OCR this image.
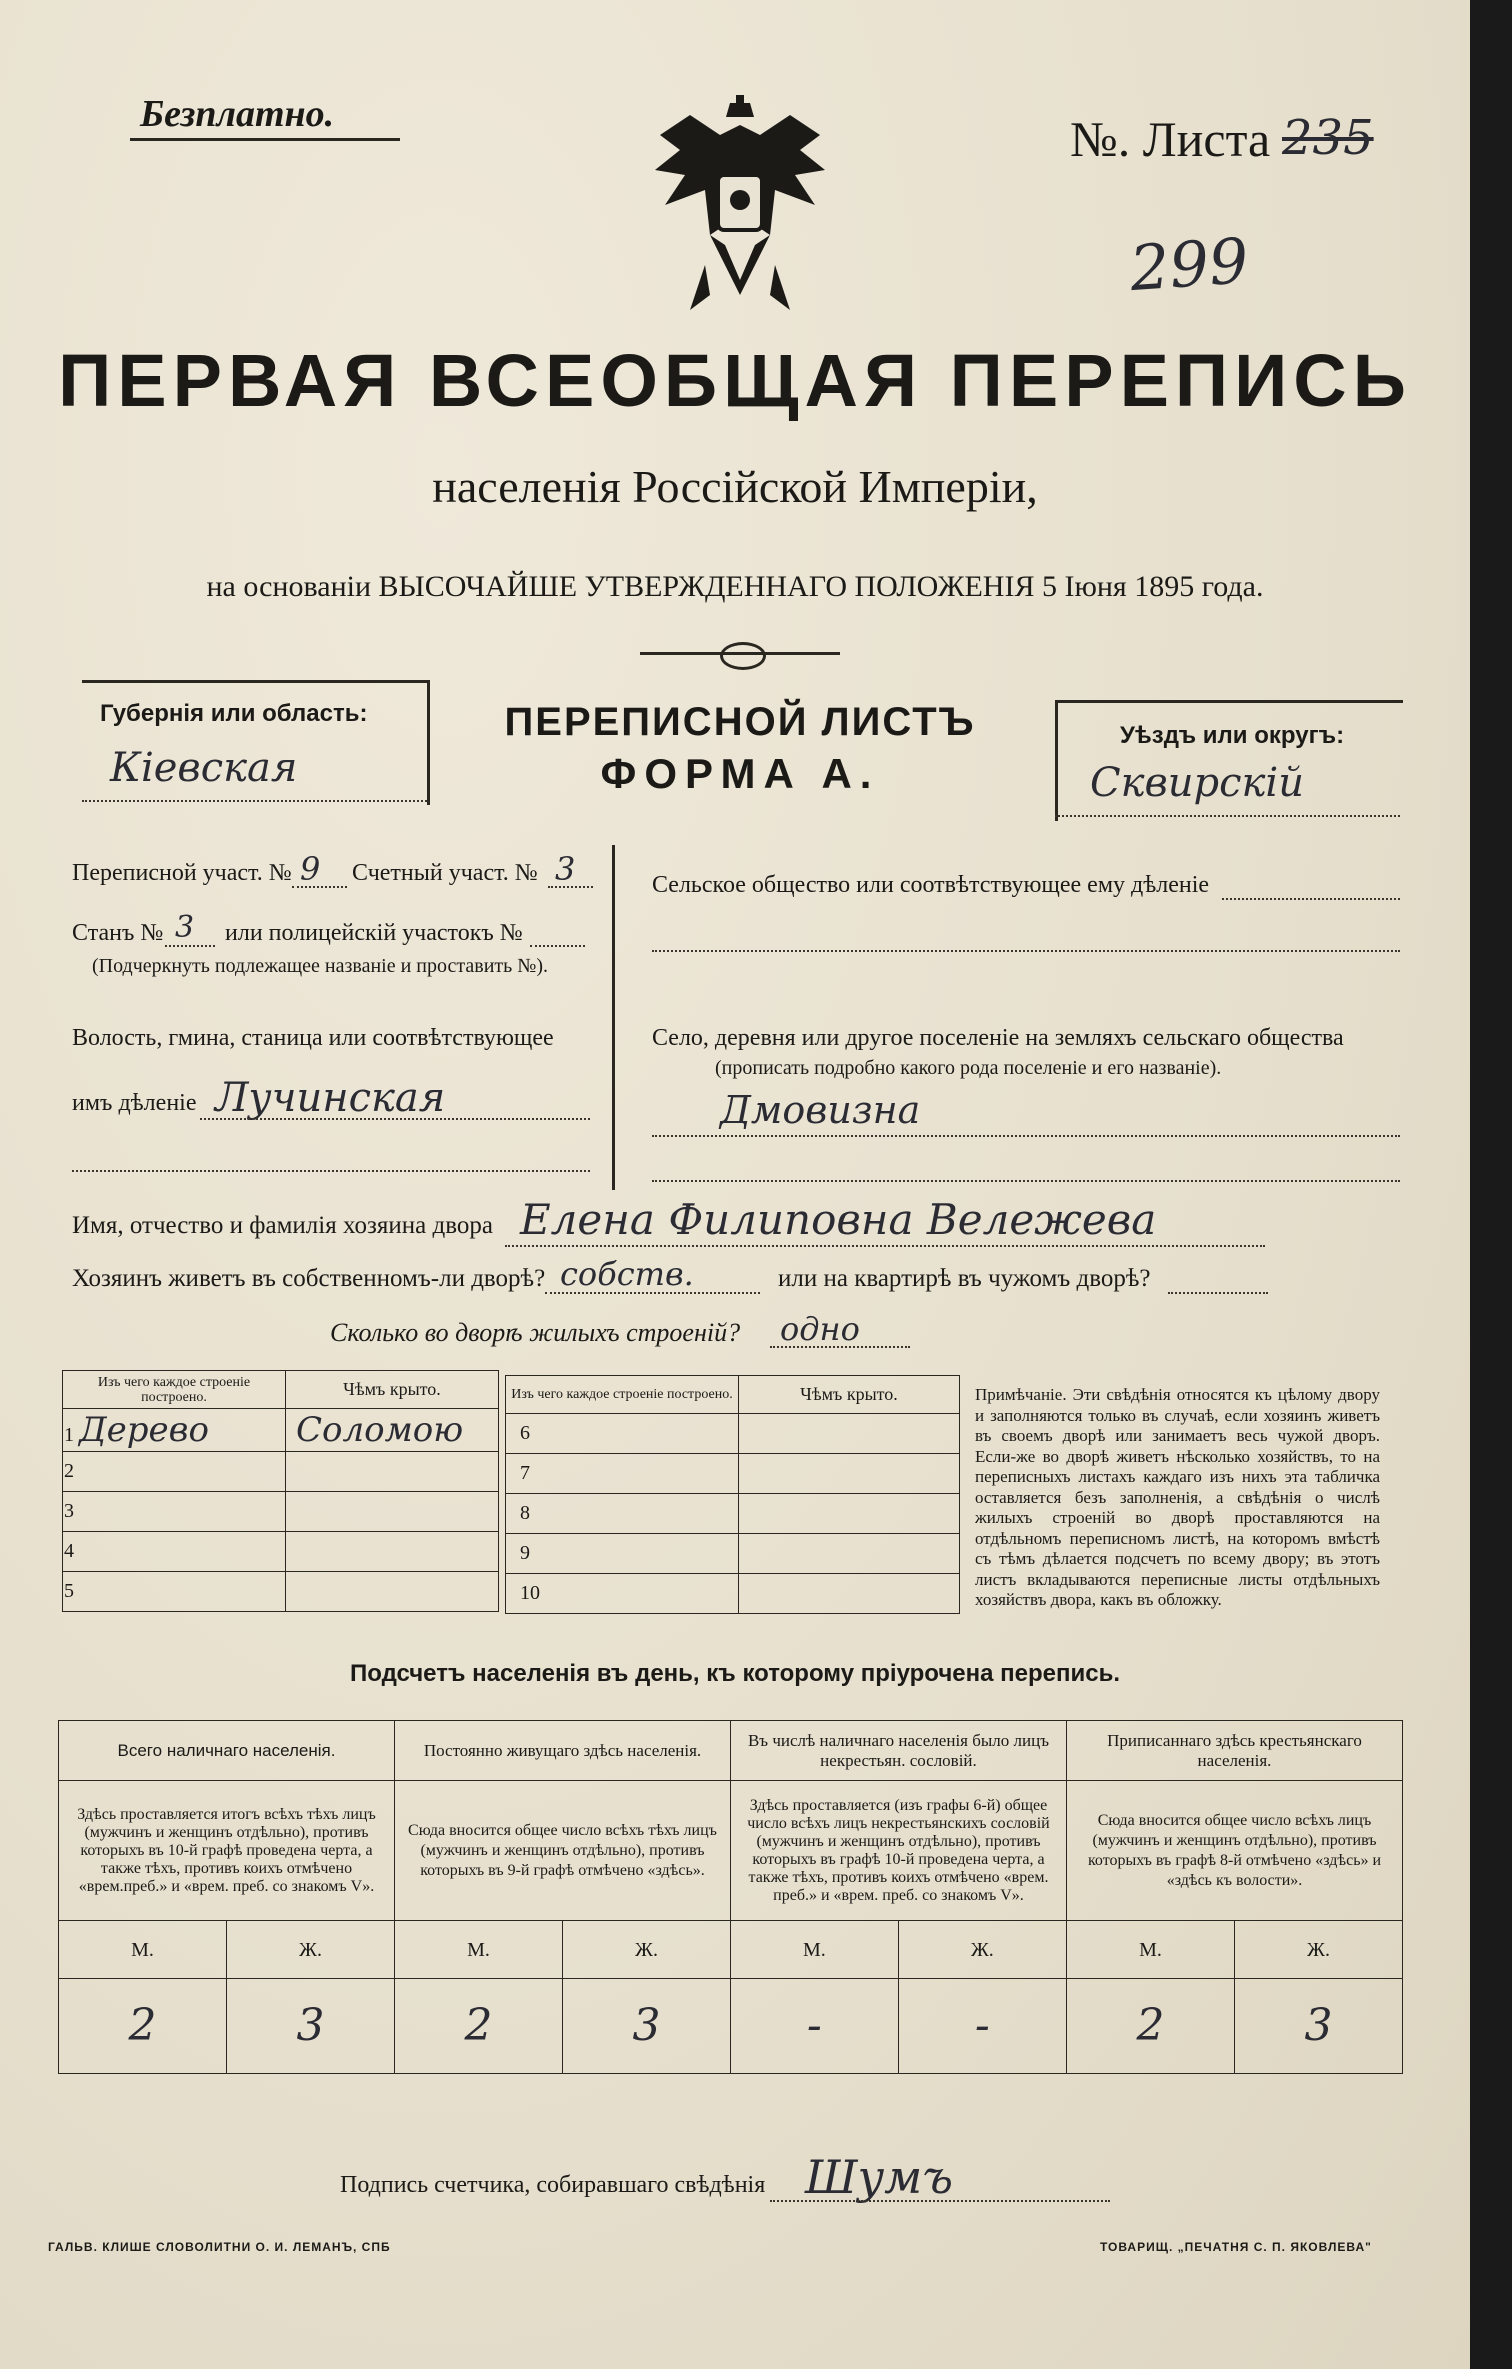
Безплатно.	№. Листа 235
299
ПЕРВАЯ ВСЕОБЩАЯ ПЕРЕПИСЬ
населенія Россійской Имперіи,
на основаніи ВЫСОЧАЙШЕ УТВЕРЖДЕННАГО ПОЛОЖЕНІЯ 5 Іюня 1895 года.
Губернія или область:
Кіевская
ПЕРЕПИСНОЙ ЛИСТЪ
ФОРМА А.
Уѣздъ или округъ:
Сквирскій
Переписной участ. № 9 Счетный участ. № 3
Станъ № 3 или полицейскій участокъ №
(Подчеркнуть подлежащее названіе и проставить №).
Волость, гмина, станица или соотвѣтствующее
имъ дѣленіе Лучинская
Сельское общество или соотвѣтствующее ему дѣленіе
Село, деревня или другое поселеніе на земляхъ сельскаго общества
(прописать подробно какого рода поселеніе и его названіе).
Дмовизна
Имя, отчество и фамилія хозяина двора Елена Филиповна Вележева
Хозяинъ живетъ въ собственномъ-ли дворѣ? собств.	или на квартирѣ въ чужомъ дворѣ?
Сколько во дворѣ жилыхъ строеній? одно
Изъ чего каждое строеніе построено.	Чѣмъ крыто.
1 Дерево	Соломою
2	
3	
4	
5	
Изъ чего каждое строеніе построено.	Чѣмъ крыто.
6	
7	
8	
9	
10	
Примѣчаніе. Эти свѣдѣнія относятся къ цѣлому двору и заполняются только въ случаѣ, если хозяинъ живетъ въ своемъ дворѣ или занимаетъ весь чужой дворъ. Если-же во дворѣ живетъ нѣсколько хозяйствъ, то на переписныхъ листахъ каждаго изъ нихъ эта табличка оставляется безъ заполненія, а свѣдѣнія о числѣ жилыхъ строеній во дворѣ проставляются на отдѣльномъ переписномъ листѣ, на которомъ вмѣстѣ съ тѣмъ дѣлается подсчетъ по всему двору; въ этотъ листъ вкладываются переписные листы отдѣльныхъ хозяйствъ двора, какъ въ обложку.
Подсчетъ населенія въ день, къ которому пріурочена перепись.
Всего наличнаго населенія.		Постоянно живущаго здѣсь населенія.		Въ числѣ наличнаго населенія было лицъ некрестьян. сословій.		Приписаннаго здѣсь крестьянскаго населенія.	
Здѣсь проставляется итогъ всѣхъ тѣхъ лицъ (мужчинъ и женщинъ отдѣльно), противъ которыхъ въ 10-й графѣ проведена черта, а также тѣхъ, противъ коихъ отмѣчено «врем.преб.» и «врем. преб. со знакомъ V».		Сюда вносится общее число всѣхъ тѣхъ лицъ (мужчинъ и женщинъ отдѣльно), противъ которыхъ въ 9-й графѣ отмѣчено «здѣсь».		Здѣсь проставляется (изъ графы 6-й) общее число всѣхъ лицъ некрестьянскихъ сословій (мужчинъ и женщинъ отдѣльно), противъ которыхъ въ графѣ 10-й проведена черта, а также тѣхъ, противъ коихъ отмѣчено «врем. преб.» и «врем. преб. со знакомъ V».		Сюда вносится общее число всѣхъ лицъ (мужчинъ и женщинъ отдѣльно), противъ которыхъ въ графѣ 8-й отмѣчено «здѣсь» и «здѣсь къ волости».	
М.	Ж.	М.	Ж.	М.	Ж.	М.	Ж.
2	3	2	3	-	-	2	3
Подпись счетчика, собиравшаго свѣдѣнія Шумъ
ГАЛЬВ. КЛИШЕ СЛОВОЛИТНИ О. И. ЛЕМАНЪ, СПБ	ТОВАРИЩ. „ПЕЧАТНЯ С. П. ЯКОВЛЕВА"
